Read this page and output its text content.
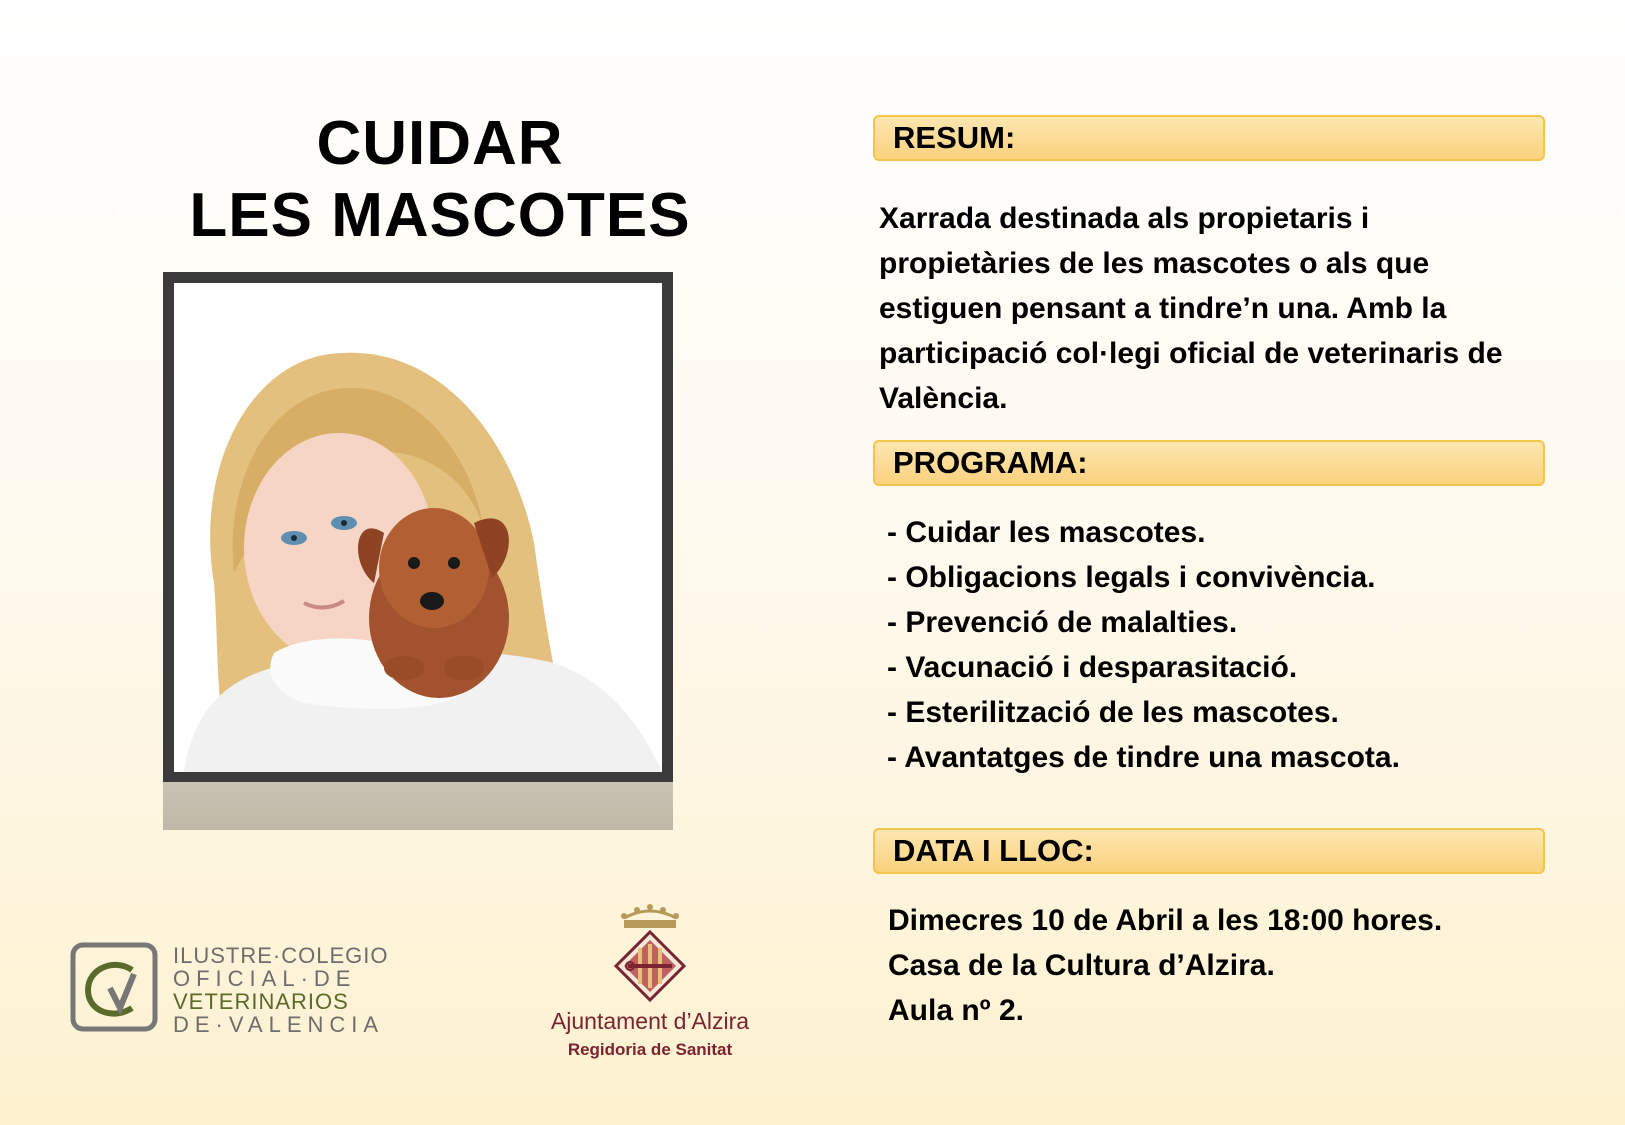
CUIDAR
LES MASCOTES
RESUM:
Xarrada destinada als propietaris i propietàries de les mascotes o als que estiguen pensant a tindre’n una. Amb la participació col·legi oficial de veterinaris de València.
PROGRAMA:
- Cuidar les mascotes.
- Obligacions legals i convivència.
- Prevenció de malalties.
- Vacunació i desparasitació.
- Esterilització de les mascotes.
- Avantatges de tindre una mascota.
DATA I LLOC:
Dimecres 10 de Abril a les 18:00 hores.
Casa de la Cultura d’Alzira.
Aula nº 2.
ILUSTRE·COLEGIO
OFICIAL·DE
VETERINARIOS
DE·VALENCIA	Ajuntament d’Alzira
Regidoria de Sanitat
